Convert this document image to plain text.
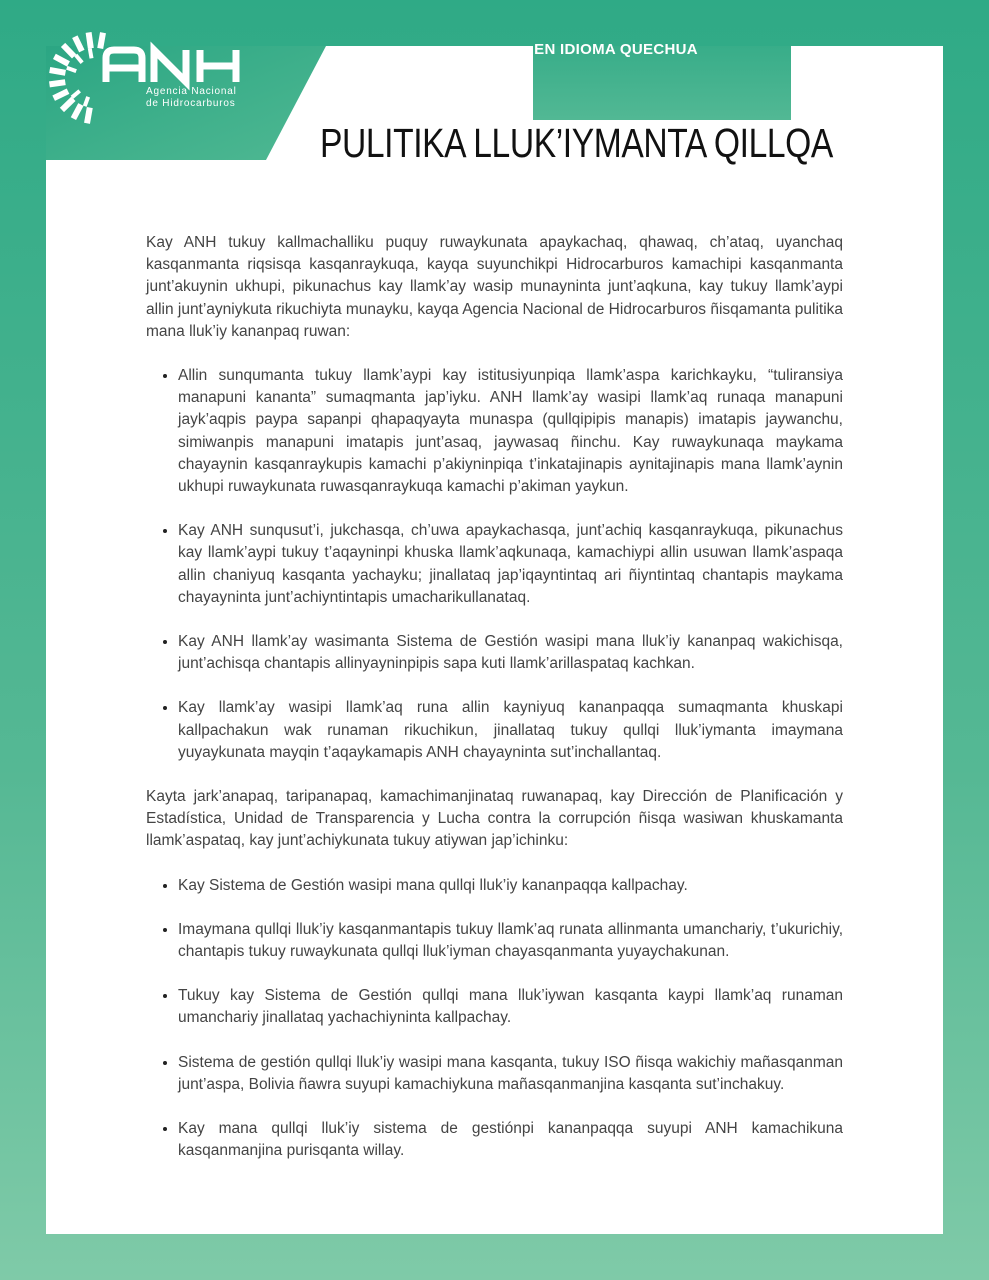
Agencia Nacional
de Hidrocarburos
EN IDIOMA QUECHUA
PULITIKA LLUK’IYMANTA QILLQA

Kay ANH tukuy kallmachalliku puquy ruwaykunata apaykachaq, qhawaq, ch’ataq, uyanchaq kasqanmanta riqsisqa kasqanraykuqa, kayqa suyunchikpi Hidrocarburos kamachipi kasqanmanta junt’akuynin ukhupi, pikunachus kay llamk’ay wasip munayninta junt’aqkuna, kay tukuy llamk’aypi allin junt’ayniykuta rikuchiyta munayku, kayqa Agencia Nacional de Hidrocarburos ñisqamanta pulitika mana lluk’iy kananpaq ruwan:

• Allin sunqumanta tukuy llamk’aypi kay istitusiyunpiqa llamk’aspa karichkayku, “tuliransiya manapuni kananta” sumaqmanta jap’iyku. ANH llamk’ay wasipi llamk’aq runaqa manapuni jayk’aqpis paypa sapanpi qhapaqyayta munaspa (qullqipipis manapis) imatapis jaywanchu, simiwanpis manapuni imatapis junt’asaq, jaywasaq ñinchu. Kay ruwaykunaqa maykama chayaynin kasqanraykupis kamachi p’akiyninpiqa t’inkatajinapis aynitajinapis mana llamk’aynin ukhupi ruwaykunata ruwasqanraykuqa kamachi p’akiman yaykun.
• Kay ANH sunqusut’i, jukchasqa, ch’uwa apaykachasqa, junt’achiq kasqanraykuqa, pikunachus kay llamk’aypi tukuy t’aqayninpi khuska llamk’aqkunaqa, kamachiypi allin usuwan llamk’aspaqa allin chaniyuq kasqanta yachayku; jinallataq jap’iqayntintaq ari ñiyntintaq chantapis maykama chayayninta junt’achiyntintapis umacharikullanataq.
• Kay ANH llamk’ay wasimanta Sistema de Gestión wasipi mana lluk’iy kananpaq wakichisqa, junt’achisqa chantapis allinyayninpipis sapa kuti llamk’arillaspataq kachkan.
• Kay llamk’ay wasipi llamk’aq runa allin kayniyuq kananpaqqa sumaqmanta khuskapi kallpachakun wak runaman rikuchikun, jinallataq tukuy qullqi lluk’iymanta imaymana yuyaykunata mayqin t’aqaykamapis ANH chayayninta sut’inchallantaq.

Kayta jark’anapaq, taripanapaq, kamachimanjinataq ruwanapaq, kay Dirección de Planificación y Estadística, Unidad de Transparencia y Lucha contra la corrupción ñisqa wasiwan khuskamanta llamk’aspataq, kay junt’achiykunata tukuy atiywan jap’ichinku:

• Kay Sistema de Gestión wasipi mana qullqi lluk’iy kananpaqqa kallpachay.
• Imaymana qullqi lluk’iy kasqanmantapis tukuy llamk’aq runata allinmanta umanchariy, t’ukurichiy, chantapis tukuy ruwaykunata qullqi lluk’iyman chayasqanmanta yuyaychakunan.
• Tukuy kay Sistema de Gestión qullqi mana lluk’iywan kasqanta kaypi llamk’aq runaman umanchariy jinallataq yachachiyninta kallpachay.
• Sistema de gestión qullqi lluk’iy wasipi mana kasqanta, tukuy ISO ñisqa wakichiy mañasqanman junt’aspa, Bolivia ñawra suyupi kamachiykuna mañasqanmanjina kasqanta sut’inchakuy.
• Kay mana qullqi lluk’iy sistema de gestiónpi kananpaqqa suyupi ANH kamachikuna kasqanmanjina purisqanta willay.
